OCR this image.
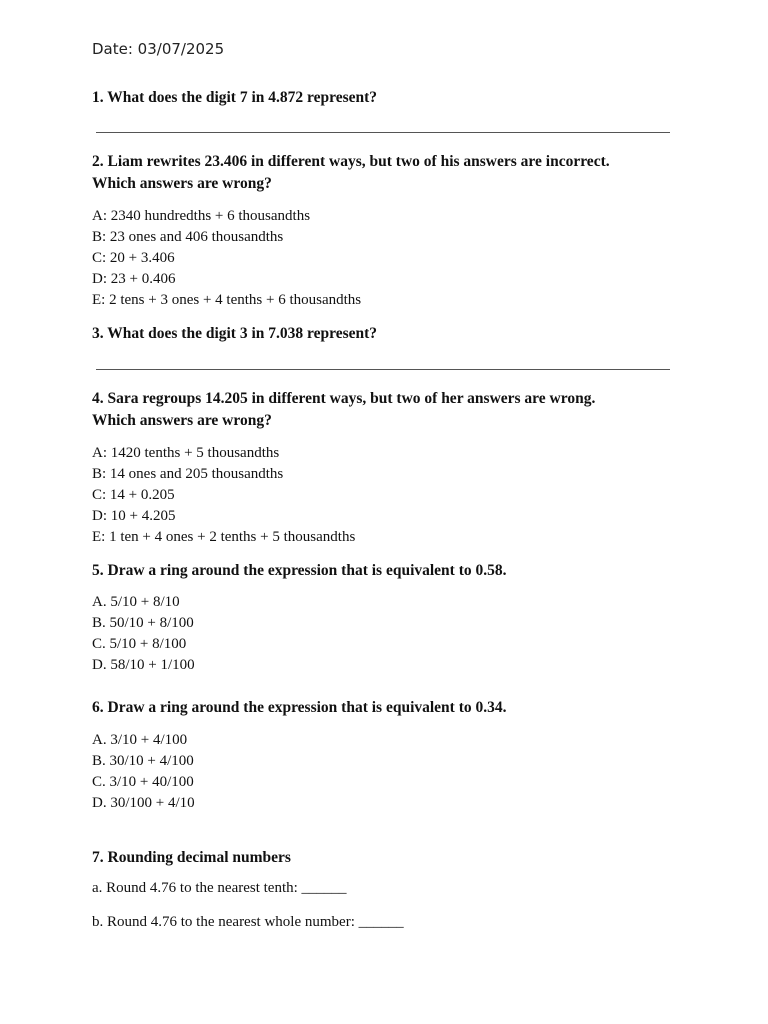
Date: 03/07/2025
1. What does the digit 7 in 4.872 represent?
2. Liam rewrites 23.406 in different ways, but two of his answers are incorrect.
Which answers are wrong?
A: 2340 hundredths + 6 thousandths
B: 23 ones and 406 thousandths
C: 20 + 3.406
D: 23 + 0.406
E: 2 tens + 3 ones + 4 tenths + 6 thousandths
3. What does the digit 3 in 7.038 represent?
4. Sara regroups 14.205 in different ways, but two of her answers are wrong.
Which answers are wrong?
A: 1420 tenths + 5 thousandths
B: 14 ones and 205 thousandths
C: 14 + 0.205
D: 10 + 4.205
E: 1 ten + 4 ones + 2 tenths + 5 thousandths
5. Draw a ring around the expression that is equivalent to 0.58.
A. 5/10 + 8/10
B. 50/10 + 8/100
C. 5/10 + 8/100
D. 58/10 + 1/100
6. Draw a ring around the expression that is equivalent to 0.34.
A. 3/10 + 4/100
B. 30/10 + 4/100
C. 3/10 + 40/100
D. 30/100 + 4/10
7. Rounding decimal numbers
a. Round 4.76 to the nearest tenth: ______
b. Round 4.76 to the nearest whole number: ______
